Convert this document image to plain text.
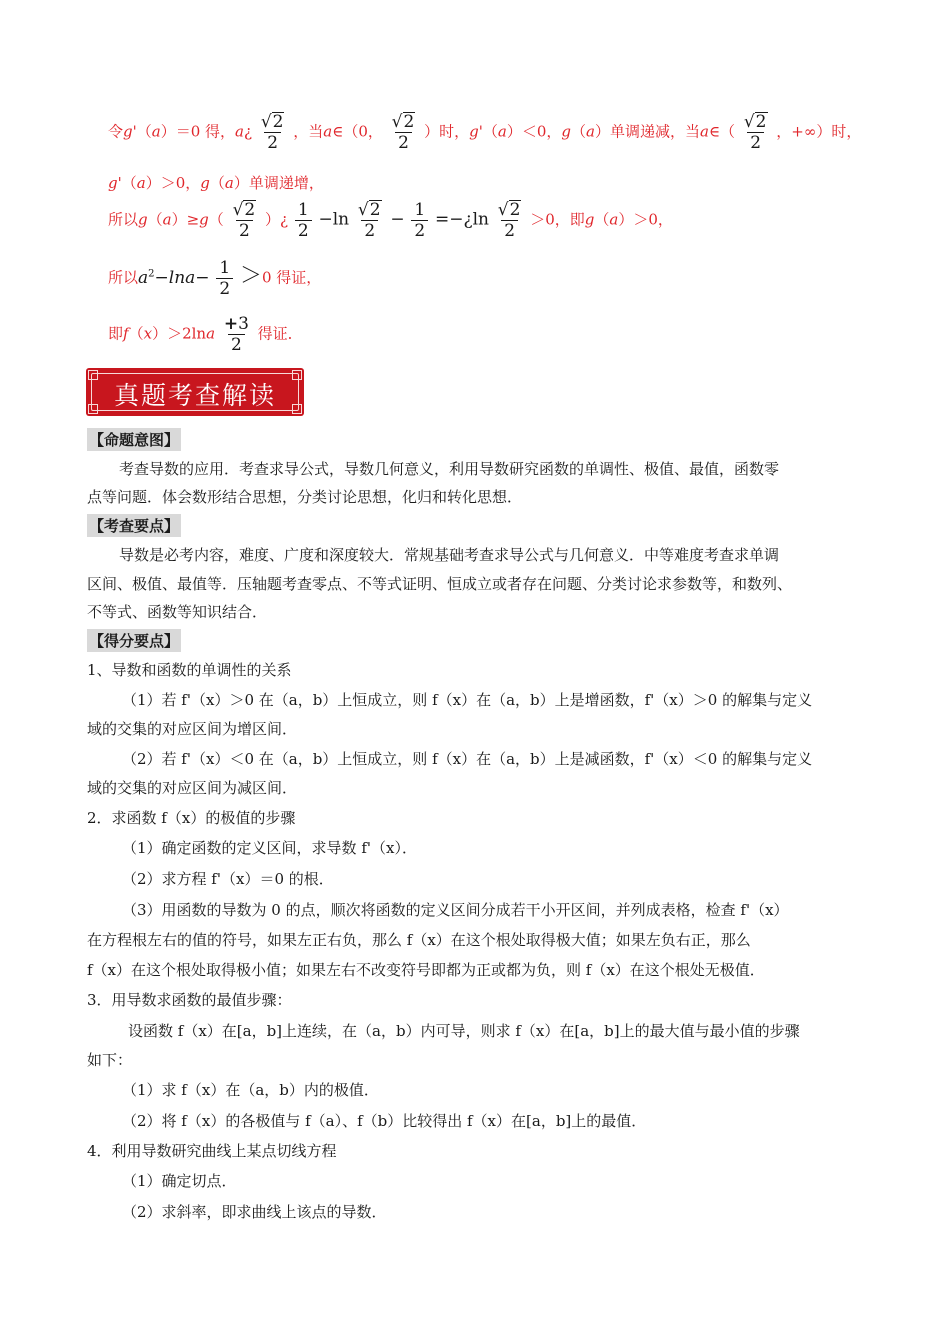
令g'（a）＝0 得，a¿ $\frac{√2}{2}$ ，当a∈（0， $\frac{√2}{2}$ ）时，g'（a）＜0，g（a）单调递减，当a∈（ $\frac{√2}{2}$ ，+∞）时，
g'（a）＞0，g（a）单调递增，
所以$g(a)\ge g( \frac{√2}{2}$ ）¿ $\frac{1}{2} -\ln \frac{√2}{2} - \frac{1}{2}$ =−¿ln $\frac{√2}{2} >0$，即g（a）＞0，
所以$a^2-\ln a- \frac{1}{2} >0$ 得证，
即$f(x)>2\ln a \frac{+3}{2}$ 得证．
真题考查解读
【命题意图】
考查导数的应用．考查求导公式，导数几何意义，利用导数研究函数的单调性、极值、最值，函数零
点等问题．体会数形结合思想，分类讨论思想，化归和转化思想．
【考查要点】
导数是必考内容，难度、广度和深度较大．常规基础考查求导公式与几何意义．中等难度考查求单调
区间、极值、最值等．压轴题考查零点、不等式证明、恒成立或者存在问题、分类讨论求参数等，和数列、
不等式、函数等知识结合．
【得分要点】
1、导数和函数的单调性的关系
（1）若 f'（x）＞0 在（a，b）上恒成立，则 f（x）在（a，b）上是增函数，f'（x）＞0 的解集与定义
域的交集的对应区间为增区间．
（2）若 f'（x）＜0 在（a，b）上恒成立，则 f（x）在（a，b）上是减函数，f'（x）＜0 的解集与定义
域的交集的对应区间为减区间．
2．求函数 f（x）的极值的步骤
（1）确定函数的定义区间，求导数 f'（x）．
（2）求方程 f'（x）＝0 的根．
（3）用函数的导数为 0 的点，顺次将函数的定义区间分成若干小开区间，并列成表格，检查 f'（x）
在方程根左右的值的符号，如果左正右负，那么 f（x）在这个根处取得极大值；如果左负右正，那么
f（x）在这个根处取得极小值；如果左右不改变符号即都为正或都为负，则 f（x）在这个根处无极值．
3．用导数求函数的最值步骤：
设函数 f（x）在[a，b]上连续，在（a，b）内可导，则求 f（x）在[a，b]上的最大值与最小值的步骤
如下：
（1）求 f（x）在（a，b）内的极值．
（2）将 f（x）的各极值与 f（a）、f（b）比较得出 f（x）在[a，b]上的最值．
4．利用导数研究曲线上某点切线方程
（1）确定切点．
（2）求斜率，即求曲线上该点的导数．
